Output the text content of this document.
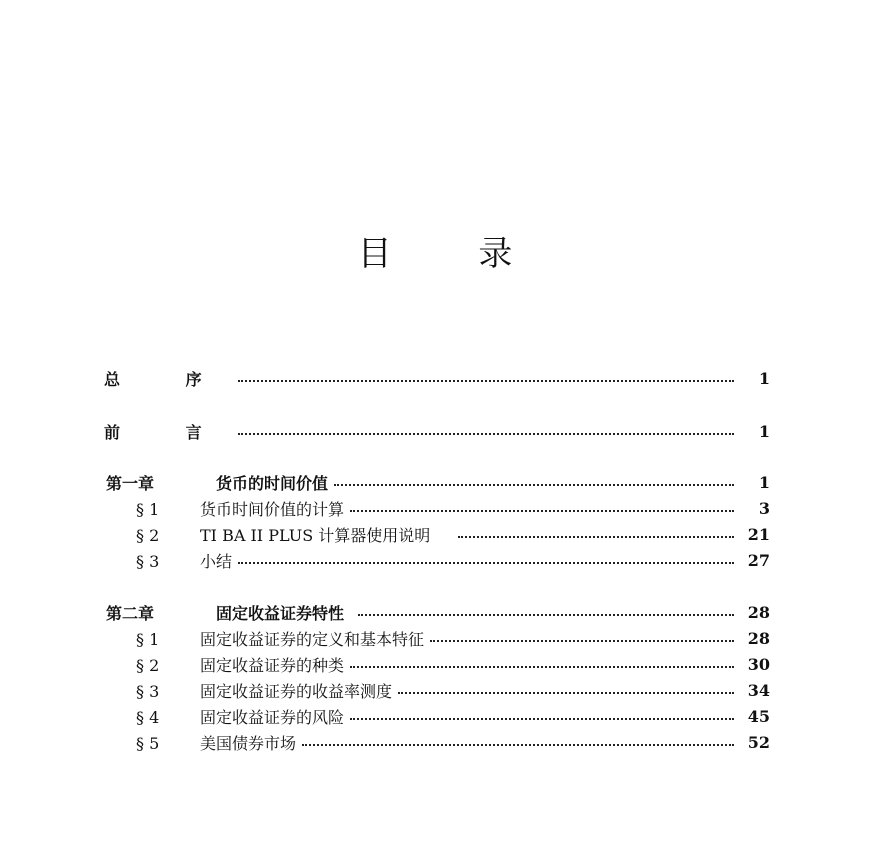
目 录
总 序	1
前 言	1
第一章	货币的时间价值	1
§ 1	货币时间价值的计算	3
§ 2	TI BA II PLUS 计算器使用说明	21
§ 3	小结	27
第二章	固定收益证券特性	28
§ 1	固定收益证券的定义和基本特征	28
§ 2	固定收益证券的种类	30
§ 3	固定收益证券的收益率测度	34
§ 4	固定收益证券的风险	45
§ 5	美国债券市场	52
